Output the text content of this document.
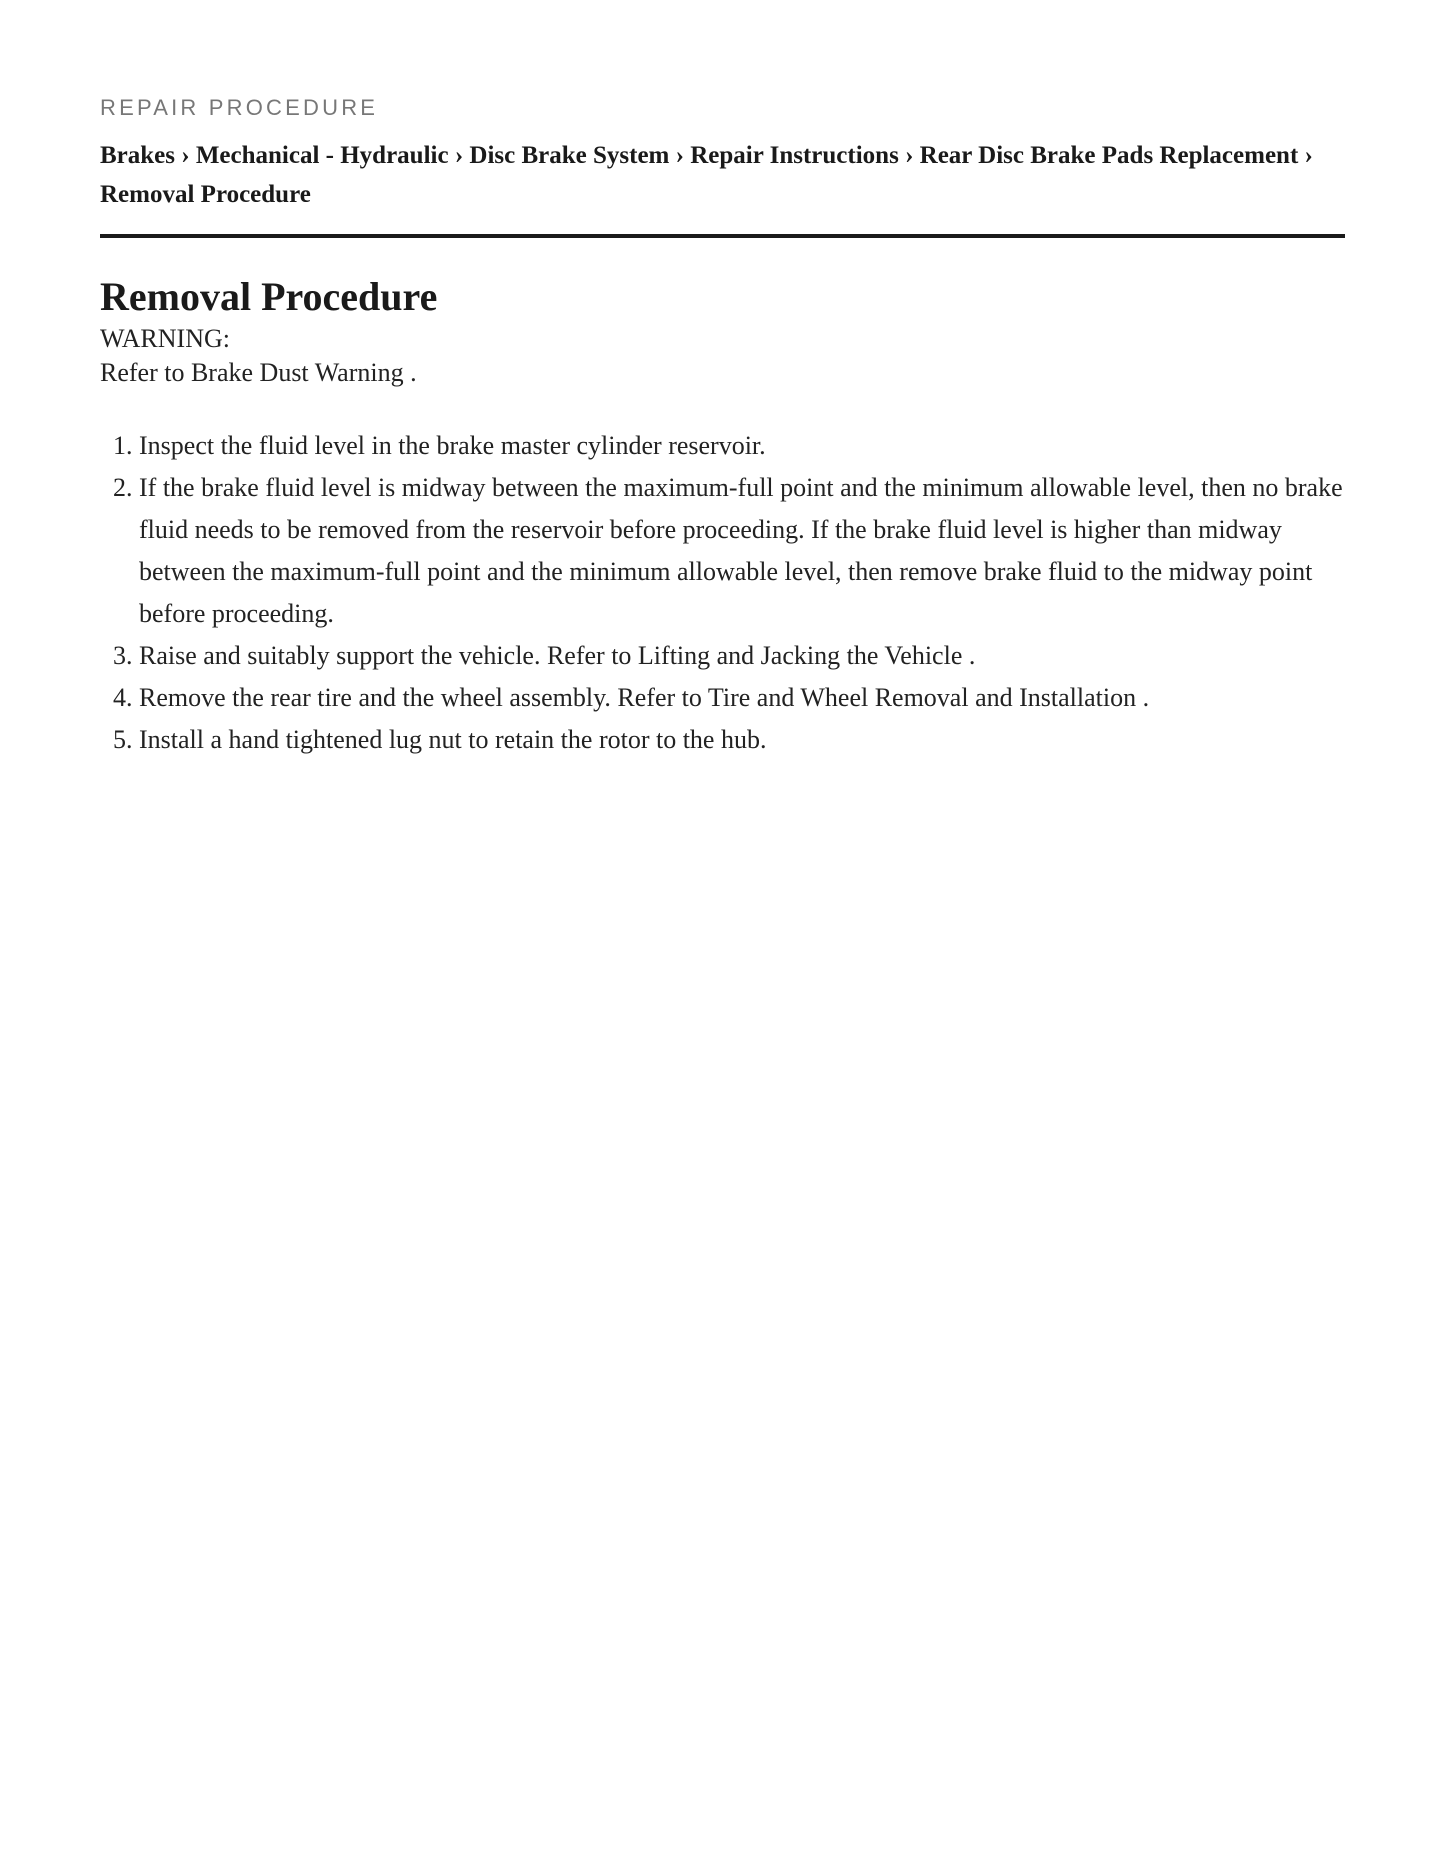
REPAIR PROCEDURE
Brakes › Mechanical - Hydraulic › Disc Brake System › Repair Instructions › Rear Disc Brake Pads Replacement › Removal Procedure
Removal Procedure

WARNING:

Refer to Brake Dust Warning .

1. Inspect the fluid level in the brake master cylinder reservoir.
2. If the brake fluid level is midway between the maximum-full point and the minimum allowable level, then no brake fluid needs to be removed from the reservoir before proceeding. If the brake fluid level is higher than midway between the maximum-full point and the minimum allowable level, then remove brake fluid to the midway point before proceeding.
3. Raise and suitably support the vehicle. Refer to Lifting and Jacking the Vehicle .
4. Remove the rear tire and the wheel assembly. Refer to Tire and Wheel Removal and Installation .
5. Install a hand tightened lug nut to retain the rotor to the hub.
